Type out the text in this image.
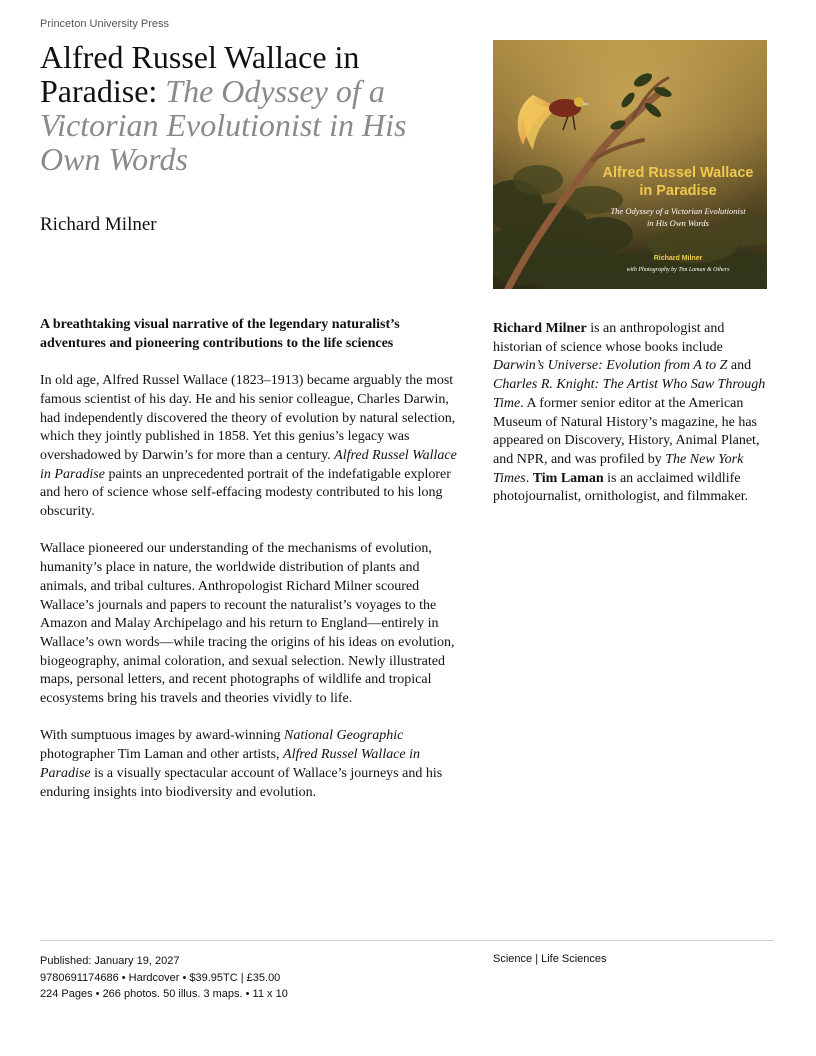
Princeton University Press
Alfred Russel Wallace in Paradise: The Odyssey of a Victorian Evolutionist in His Own Words
Richard Milner
Alfred Russel Wallace
in Paradise
The Odyssey of a Victorian Evolutionist
in His Own Words
Richard Milner
with Photography by Tim Laman & Others

A breathtaking visual narrative of the legendary naturalist’s adventures and pioneering contributions to the life sciences

In old age, Alfred Russel Wallace (1823–1913) became arguably the most famous scientist of his day. He and his senior colleague, Charles Darwin, had independently discovered the theory of evolution by natural selection, which they jointly published in 1858. Yet this genius’s legacy was overshadowed by Darwin’s for more than a century. Alfred Russel Wallace in Paradise paints an unprecedented portrait of the indefatigable explorer and hero of science whose self-effacing modesty contributed to his long obscurity.

Wallace pioneered our understanding of the mechanisms of evolution, humanity’s place in nature, the worldwide distribution of plants and animals, and tribal cultures. Anthropologist Richard Milner scoured Wallace’s journals and papers to recount the naturalist’s voyages to the Amazon and Malay Archipelago and his return to England—entirely in Wallace’s own words—while tracing the origins of his ideas on evolution, biogeography, animal coloration, and sexual selection. Newly illustrated maps, personal letters, and recent photographs of wildlife and tropical ecosystems bring his travels and theories vividly to life.

With sumptuous images by award-winning National Geographic photographer Tim Laman and other artists, Alfred Russel Wallace in Paradise is a visually spectacular account of Wallace’s journeys and his enduring insights into biodiversity and evolution.

Richard Milner is an anthropologist and historian of science whose books include Darwin’s Universe: Evolution from A to Z and Charles R. Knight: The Artist Who Saw Through Time. A former senior editor at the American Museum of Natural History’s magazine, he has appeared on Discovery, History, Animal Planet, and NPR, and was profiled by The New York Times. Tim Laman is an acclaimed wildlife photojournalist, ornithologist, and filmmaker.

Published: January 19, 2027
9780691174686 • Hardcover • $39.95TC | £35.00
224 Pages • 266 photos. 50 illus. 3 maps. • 11 x 10
Science | Life Sciences
